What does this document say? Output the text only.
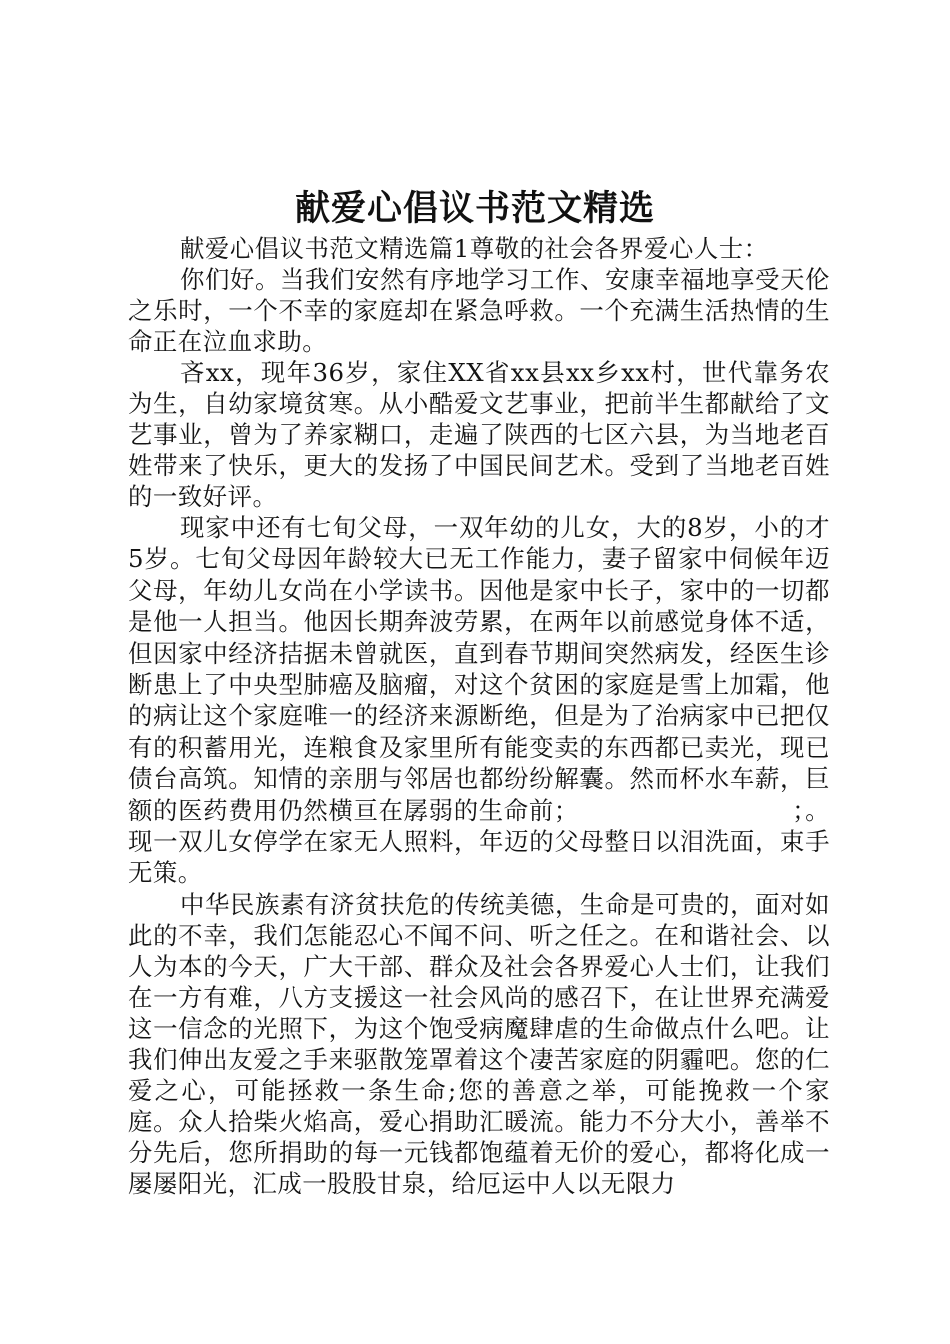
献爱心倡议书范文精选

献爱心倡议书范文精选篇1尊敬的社会各界爱心人士：

你们好。当我们安然有序地学习工作、安康幸福地享受天伦之乐时，一个不幸的家庭却在紧急呼救。一个充满生活热情的生命正在泣血求助。

吝xx，现年36岁，家住XX省xx县xx乡xx村，世代靠务农为生，自幼家境贫寒。从小酷爱文艺事业，把前半生都献给了文艺事业，曾为了养家糊口，走遍了陕西的七区六县，为当地老百姓带来了快乐，更大的发扬了中国民间艺术。受到了当地老百姓的一致好评。

现家中还有七旬父母，一双年幼的儿女，大的8岁，小的才5岁。七旬父母因年龄较大已无工作能力，妻子留家中伺候年迈父母，年幼儿女尚在小学读书。因他是家中长子，家中的一切都是他一人担当。他因长期奔波劳累，在两年以前感觉身体不适，但因家中经济拮据未曾就医，直到春节期间突然病发，经医生诊断患上了中央型肺癌及脑瘤，对这个贫困的家庭是雪上加霜，他的病让这个家庭唯一的经济来源断绝，但是为了治病家中已把仅有的积蓄用光，连粮食及家里所有能变卖的东西都已卖光，现已债台高筑。知情的亲朋与邻居也都纷纷解囊。然而杯水车薪，巨额的医药费用仍然横亘在孱弱的生命前；　　　　　　　　　；。现一双儿女停学在家无人照料，年迈的父母整日以泪洗面，束手无策。

中华民族素有济贫扶危的传统美德，生命是可贵的，面对如此的不幸，我们怎能忍心不闻不问、听之任之。在和谐社会、以人为本的今天，广大干部、群众及社会各界爱心人士们，让我们在一方有难，八方支援这一社会风尚的感召下，在让世界充满爱这一信念的光照下，为这个饱受病魔肆虐的生命做点什么吧。让我们伸出友爱之手来驱散笼罩着这个凄苦家庭的阴霾吧。您的仁爱之心，可能拯救一条生命;您的善意之举，可能挽救一个家庭。众人拾柴火焰高，爱心捐助汇暖流。能力不分大小，善举不分先后，您所捐助的每一元钱都饱蕴着无价的爱心，都将化成一屡屡阳光，汇成一股股甘泉，给厄运中人以无限力
